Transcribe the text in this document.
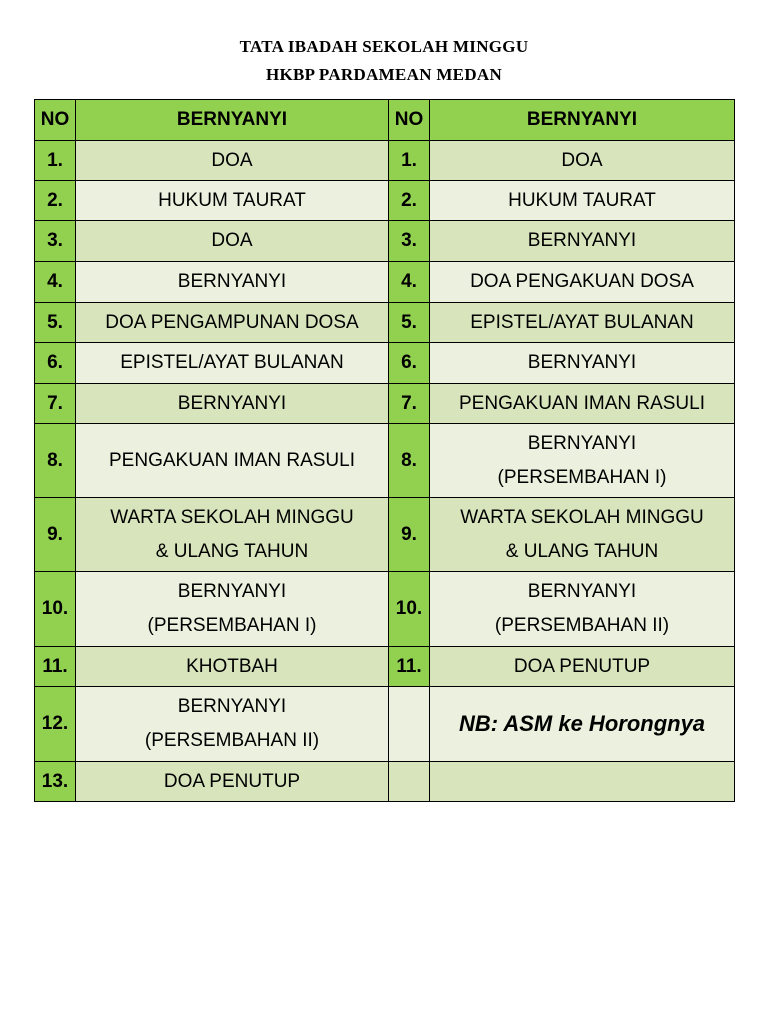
TATA IBADAH SEKOLAH MINGGU
HKBP PARDAMEAN MEDAN
NO	BERNYANYI	NO	BERNYANYI
1.	DOA	1.	DOA
2.	HUKUM TAURAT	2.	HUKUM TAURAT
3.	DOA	3.	BERNYANYI
4.	BERNYANYI	4.	DOA PENGAKUAN DOSA
5.	DOA PENGAMPUNAN DOSA	5.	EPISTEL/AYAT BULANAN
6.	EPISTEL/AYAT BULANAN	6.	BERNYANYI
7.	BERNYANYI	7.	PENGAKUAN IMAN RASULI
8.	PENGAKUAN IMAN RASULI	8.	BERNYANYI
(PERSEMBAHAN I)
9.	WARTA SEKOLAH MINGGU
& ULANG TAHUN	9.	WARTA SEKOLAH MINGGU
& ULANG TAHUN
10.	BERNYANYI
(PERSEMBAHAN I)	10.	BERNYANYI
(PERSEMBAHAN II)
11.	KHOTBAH	11.	DOA PENUTUP
12.	BERNYANYI
(PERSEMBAHAN II)		NB: ASM ke Horongnya
13.	DOA PENUTUP		
